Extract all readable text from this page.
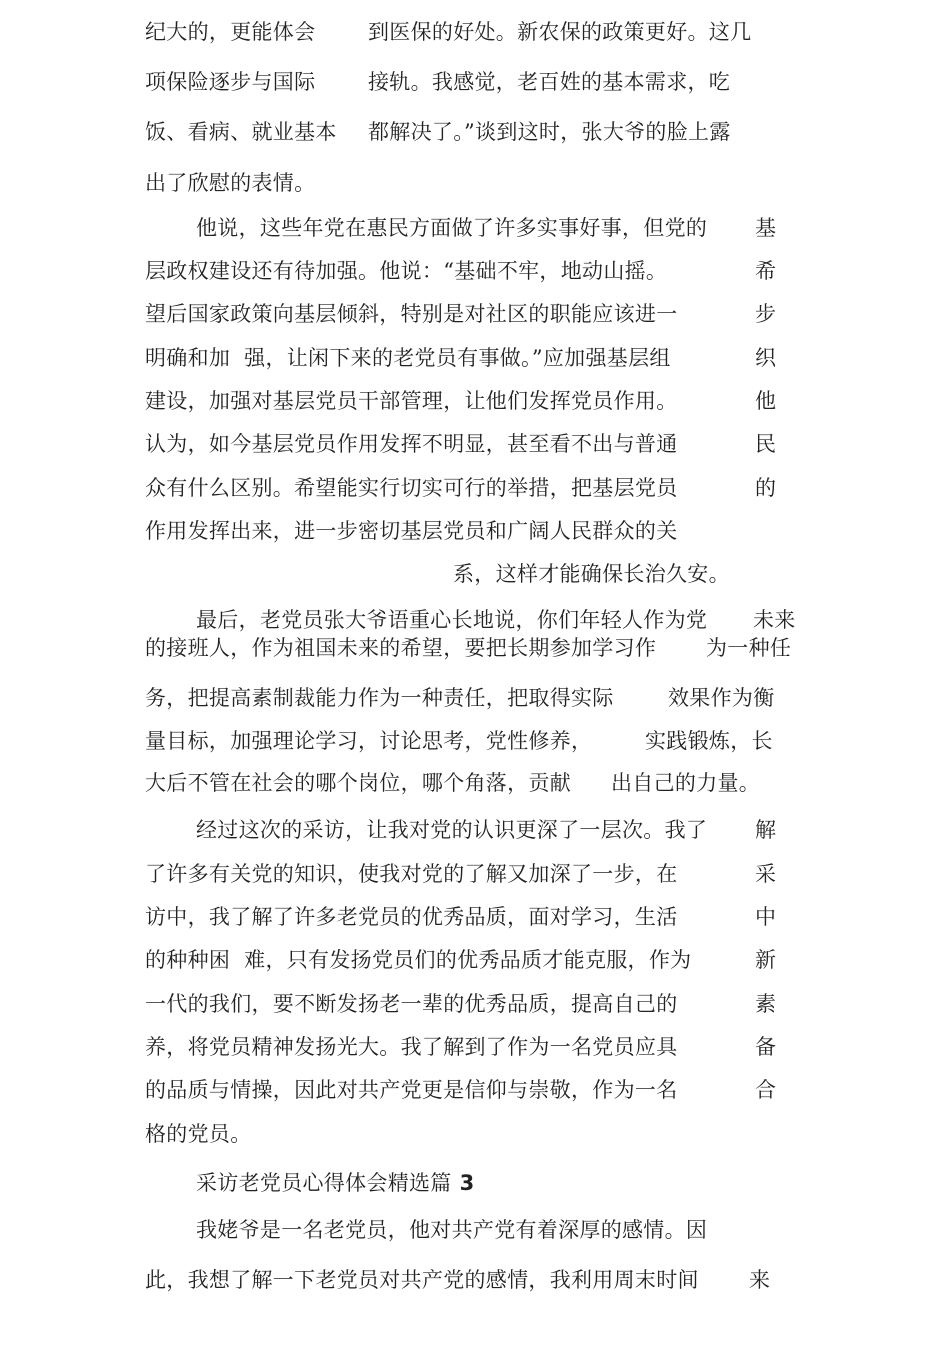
纪大的，更能体会	到医保的好处。新农保的政策更好。这几
项保险逐步与国际	接轨。我感觉，老百姓的基本需求，吃
饭、看病、就业基本 都解决了。”谈到这时，张大爷的脸上露
出了欣慰的表情。
他说，这些年党在惠民方面做了许多实事好事，但党的 基
层政权建设还有待加强。他说：“基础不牢，地动山摇。	希
望后国家政策向基层倾斜，特别是对社区的职能应该进一	步
明确和加  强，让闲下来的老党员有事做。”应加强基层组	织
建设，加强对基层党员干部管理，让他们发挥党员作用。	他
认为，如今基层党员作用发挥不明显，甚至看不出与普通	民
众有什么区别。希望能实行切实可行的举措，把基层党员	的
作用发挥出来，进一步密切基层党员和广阔人民群众的关
系，这样才能确保长治久安。
最后，老党员张大爷语重心长地说，你们年轻人作为党 未来
的接班人，作为祖国未来的希望，要把长期参加学习作 为一种任
务，把提高素制裁能力作为一种责任，把取得实际	效果作为衡
量目标，加强理论学习，讨论思考，党性修养，	实践锻炼，长
大后不管在社会的哪个岗位，哪个角落，贡献 出自己的力量。
经过这次的采访，让我对党的认识更深了一层次。我了 解
了许多有关党的知识，使我对党的了解又加深了一步，在	采
访中，我了解了许多老党员的优秀品质，面对学习，生活	中
的种种困  难，只有发扬党员们的优秀品质才能克服，作为	新
一代的我们，要不断发扬老一辈的优秀品质，提高自己的	素
养，将党员精神发扬光大。我了解到了作为一名党员应具	备
的品质与情操，因此对共产党更是信仰与崇敬，作为一名	合
格的党员。
采访老党员心得体会精选篇 3
我姥爷是一名老党员，他对共产党有着深厚的感情。因
此，我想了解一下老党员对共产党的感情，我利用周末时间 来
